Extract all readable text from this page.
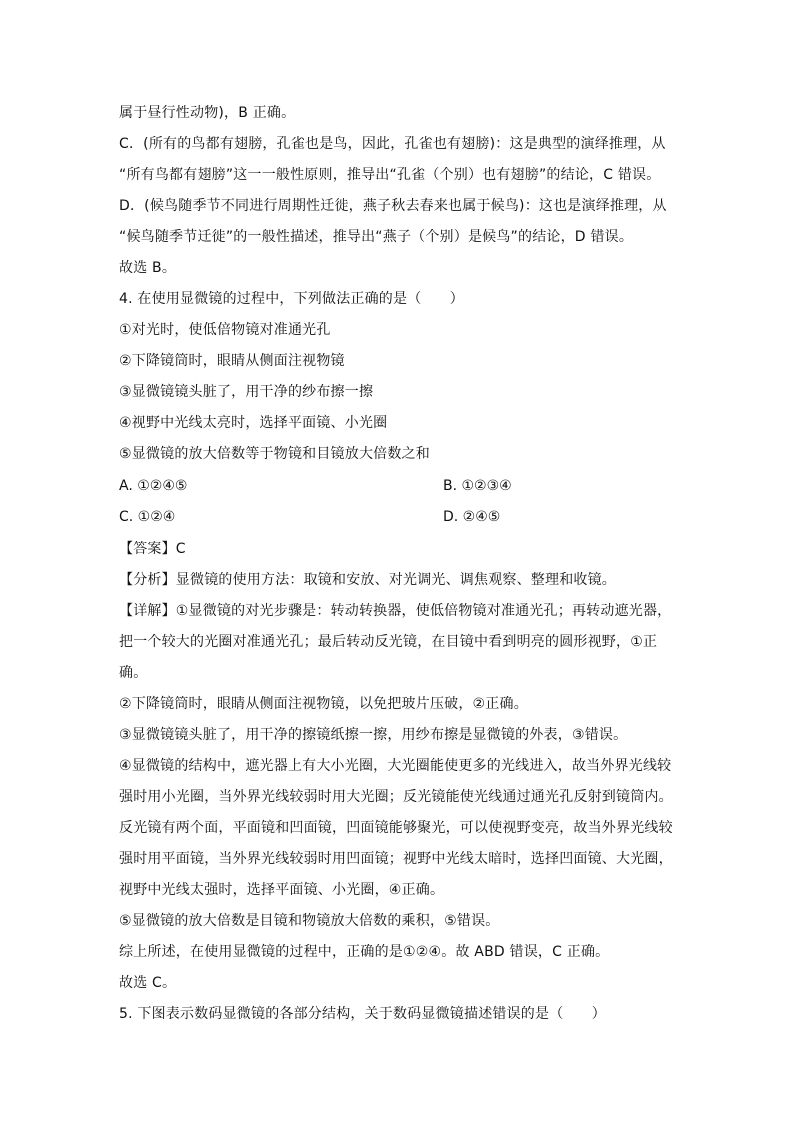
属于昼行性动物)，B 正确。
C．(所有的鸟都有翅膀，孔雀也是鸟，因此，孔雀也有翅膀)：这是典型的演绎推理，从
“所有鸟都有翅膀”这一一般性原则，推导出“孔雀（个别）也有翅膀”的结论，C 错误。
D．(候鸟随季节不同进行周期性迁徙，燕子秋去春来也属于候鸟)：这也是演绎推理，从
“候鸟随季节迁徙”的一般性描述，推导出“燕子（个别）是候鸟”的结论，D 错误。
故选 B。
4. 在使用显微镜的过程中，下列做法正确的是（　　）
①对光时，使低倍物镜对准通光孔
②下降镜筒时，眼睛从侧面注视物镜
③显微镜镜头脏了，用干净的纱布擦一擦
④视野中光线太亮时，选择平面镜、小光圈
⑤显微镜的放大倍数等于物镜和目镜放大倍数之和
A. ①②④⑤	B. ①②③④
C. ①②④	D. ②④⑤
【答案】C
【分析】显微镜的使用方法：取镜和安放、对光调光、调焦观察、整理和收镜。
【详解】①显微镜的对光步骤是：转动转换器，使低倍物镜对准通光孔；再转动遮光器，
把一个较大的光圈对准通光孔；最后转动反光镜，在目镜中看到明亮的圆形视野，①正
确。
②下降镜筒时，眼睛从侧面注视物镜，以免把玻片压破，②正确。
③显微镜镜头脏了，用干净的擦镜纸擦一擦，用纱布擦是显微镜的外表，③错误。
④显微镜的结构中，遮光器上有大小光圈，大光圈能使更多的光线进入，故当外界光线较
强时用小光圈，当外界光线较弱时用大光圈；反光镜能使光线通过通光孔反射到镜筒内。
反光镜有两个面，平面镜和凹面镜，凹面镜能够聚光，可以使视野变亮，故当外界光线较
强时用平面镜，当外界光线较弱时用凹面镜；视野中光线太暗时，选择凹面镜、大光圈，
视野中光线太强时，选择平面镜、小光圈，④正确。
⑤显微镜的放大倍数是目镜和物镜放大倍数的乘积，⑤错误。
综上所述，在使用显微镜的过程中，正确的是①②④。故 ABD 错误，C 正确。
故选 C。
5. 下图表示数码显微镜的各部分结构，关于数码显微镜描述错误的是（　　）
